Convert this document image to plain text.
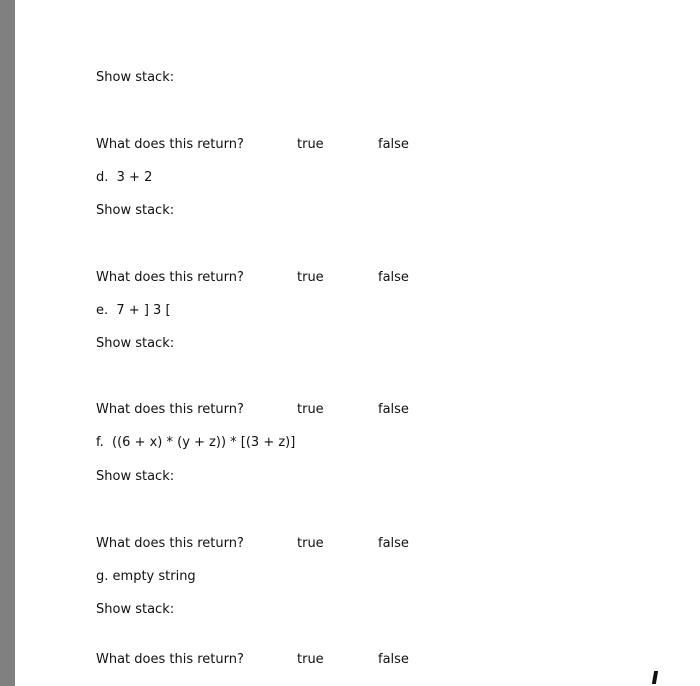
Show stack:
What does this return?	true	false
d. 3 + 2
Show stack:
What does this return?	true	false
e. 7 + ] 3 [
Show stack:
What does this return?	true	false
f. ((6 + x) * (y + z)) * [(3 + z)]
Show stack:
What does this return?	true	false
g. empty string
Show stack:
What does this return?	true	false
